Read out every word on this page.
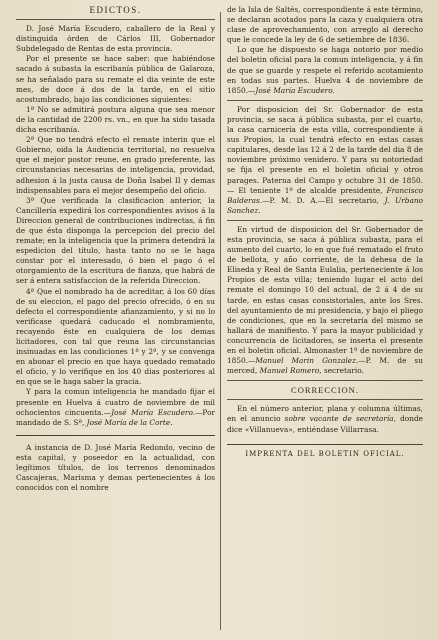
EDICTOS.

D. José María Escudero, caballero de la Real y distinguida órden de Cárlos III, Gobernador Subdelegado de Rentas de esta provincia.

Por el presente se hace saber: que habiéndose sacado á subasta la escribanía pública de Galaroza, se ha señalado para su remate el dia veinte de este mes, de doce á dos de la tarde, en el sitio acostumbrado, bajo las condiciones siguientes:

1ª No se admitirá postura alguna que sea menor de la cantidad de 2200 rs. vn., en que ha sido tasada dicha escribanía.

2ª Que no tendrá efecto el remate interin que el Gobierno, oida la Audiencia territorial, no resuelva que el mejor postor reune, en grado preferente, las circunstancias necesarias de inteligencia, providad, adhesion á la justa causa de Doña Isabel II y demas indispensables para el mejor desempeño del oficio.

3ª Que verificada la clasificacion anterior, la Cancillería expedirá los correspondientes avisos á la Direccion general de contribuciones indirectas, á fin de que ésta disponga la percepcion del precio del remate; en la inteligencia que la primera detendrá la espedicion del título, hasta tanto no se le haga constar por el interesado, ó bien el pago ó el otorgamiento de la escritura de fianza, que habrá de ser á entera satisfaccion de la referida Direccion.

4ª Que el nombrado ha de acreditar, á los 60 días de su eleccion, el pago del precio ofrecido, ó en su defecto el correspondiente afianzamiento, y si no lo verificase quedará caducado el nombramiento, recayendo éste en cualquiera de los demas licitadores, con tal que reuna las circunstancias insinuadas en las condiciones 1ª y 2ª, y se convenga en abonar el precio en que haya quedado rematado el oficio, y lo verifique en los 40 dias posteriores al en que se le haga saber la gracia.

Y para la comun inteligencia he mandado fijar el presente en Huelva á cuatro de noviembre de mil ochocientos cincuenta.—José María Escudero.—Por mandado de S. Sª, José María de la Corte.

A instancia de D. José María Redondo, vecino de esta capital, y poseedor en la actualidad, con legítimos títulos, de los terrenos denominados Cascajeras, Marisma y demas pertenecientes á los conocidos con el nombre

de la Isla de Saltés, correspondiente á este término, se declaran acotados para la caza y cualquiera otra clase de aprovechamiento, con arreglo al derecho que le concede la ley de 6 de setiembre de 1836.

Lo que he dispuesto se haga notorio por medio del boletin oficial para la comun inteligencia, y á fin de que se guarde y respete el referido acotamiento en todas sus partes. Huelva 4 de noviembre de 1850.—José María Escudero.

Por disposicion del Sr. Gobernador de esta provincia, se saca á pública subasta, por el cuarto, la casa carnicería de esta villa, correspondiente á sus Propios, la cual tendrá efecto en estas casas capitulares, desde las 12 á 2 de la tarde del dia 8 de noviembre próximo venidero. Y para su notoriedad se fija el presente en el boletin oficial y otros parages. Paterna del Campo y octubre 31 de 1850.— El teniente 1º de alcalde presidente, Francisco Balderas.—P. M. D. A.—El secretario, J. Urbano Sanchez.

En virtud de disposicion del Sr. Gobernador de esta provincia, se saca á pública subasta, para el aumento del cuarto, lo en que fué rematado el fruto de bellota, y año corriente, de la dehesa de la Eliseda y Real de Santa Eulalia, perteneciente á los Propios de esta villa; teniendo lugar el acto del remate el domingo 10 del actual, de 2 á 4 de su tarde, en estas casas consistoriales, ante los Sres. del ayuntamiento de mi presidencia, y bajo el pliego de condiciones, que en la secretaría del mismo se hallará de manifiesto. Y para la mayor publicidad y concurrencia de licitadores, se inserta el presente en el boletin oficial. Almonaster 1º de noviembre de 1850.—Manuel Marin Gonzalez.—P. M. de su merced, Manuel Romero, secretario.

CORRECCION.

En el número anterior, plana y columna últimas, en el anuncio sobre vacante de secretaría, donde dice «Villanueva», entiéndase Villarrasa.

IMPRENTA DEL BOLETIN OFICIAL.
